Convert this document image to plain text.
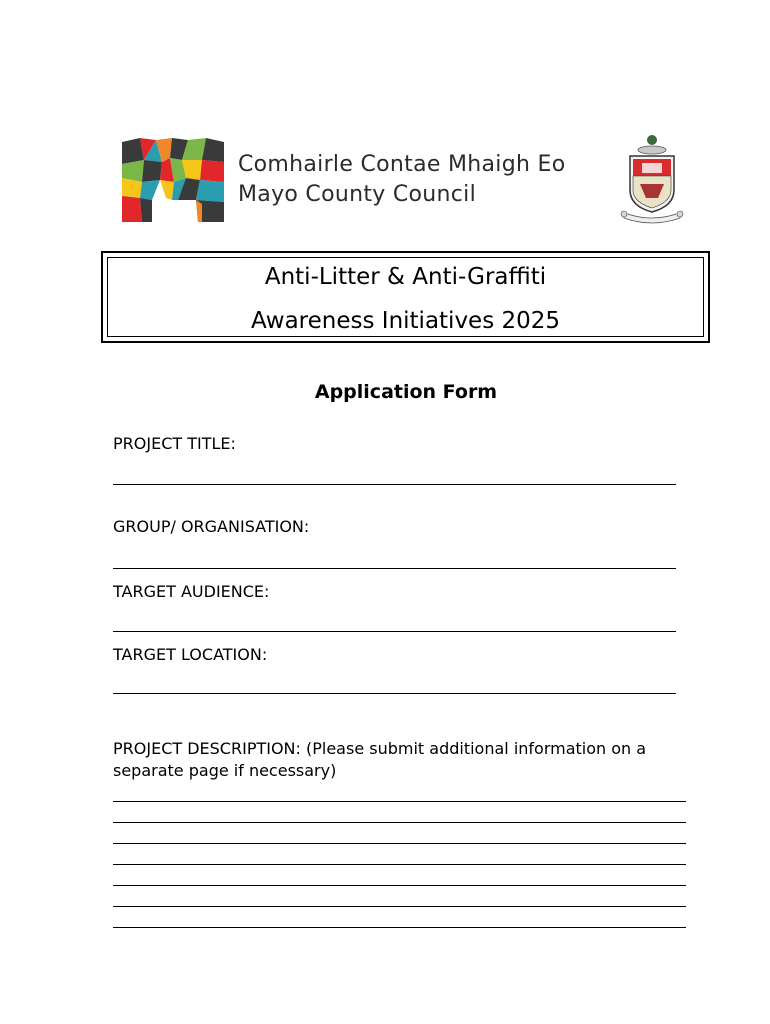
Comhairle Contae Mhaigh Eo
Mayo County Council
Anti-Litter & Anti-Graffiti
Awareness Initiatives 2025
Application Form
PROJECT TITLE:
GROUP/ ORGANISATION:
TARGET AUDIENCE:
TARGET LOCATION:
PROJECT DESCRIPTION: (Please submit additional information on a separate page if necessary)
